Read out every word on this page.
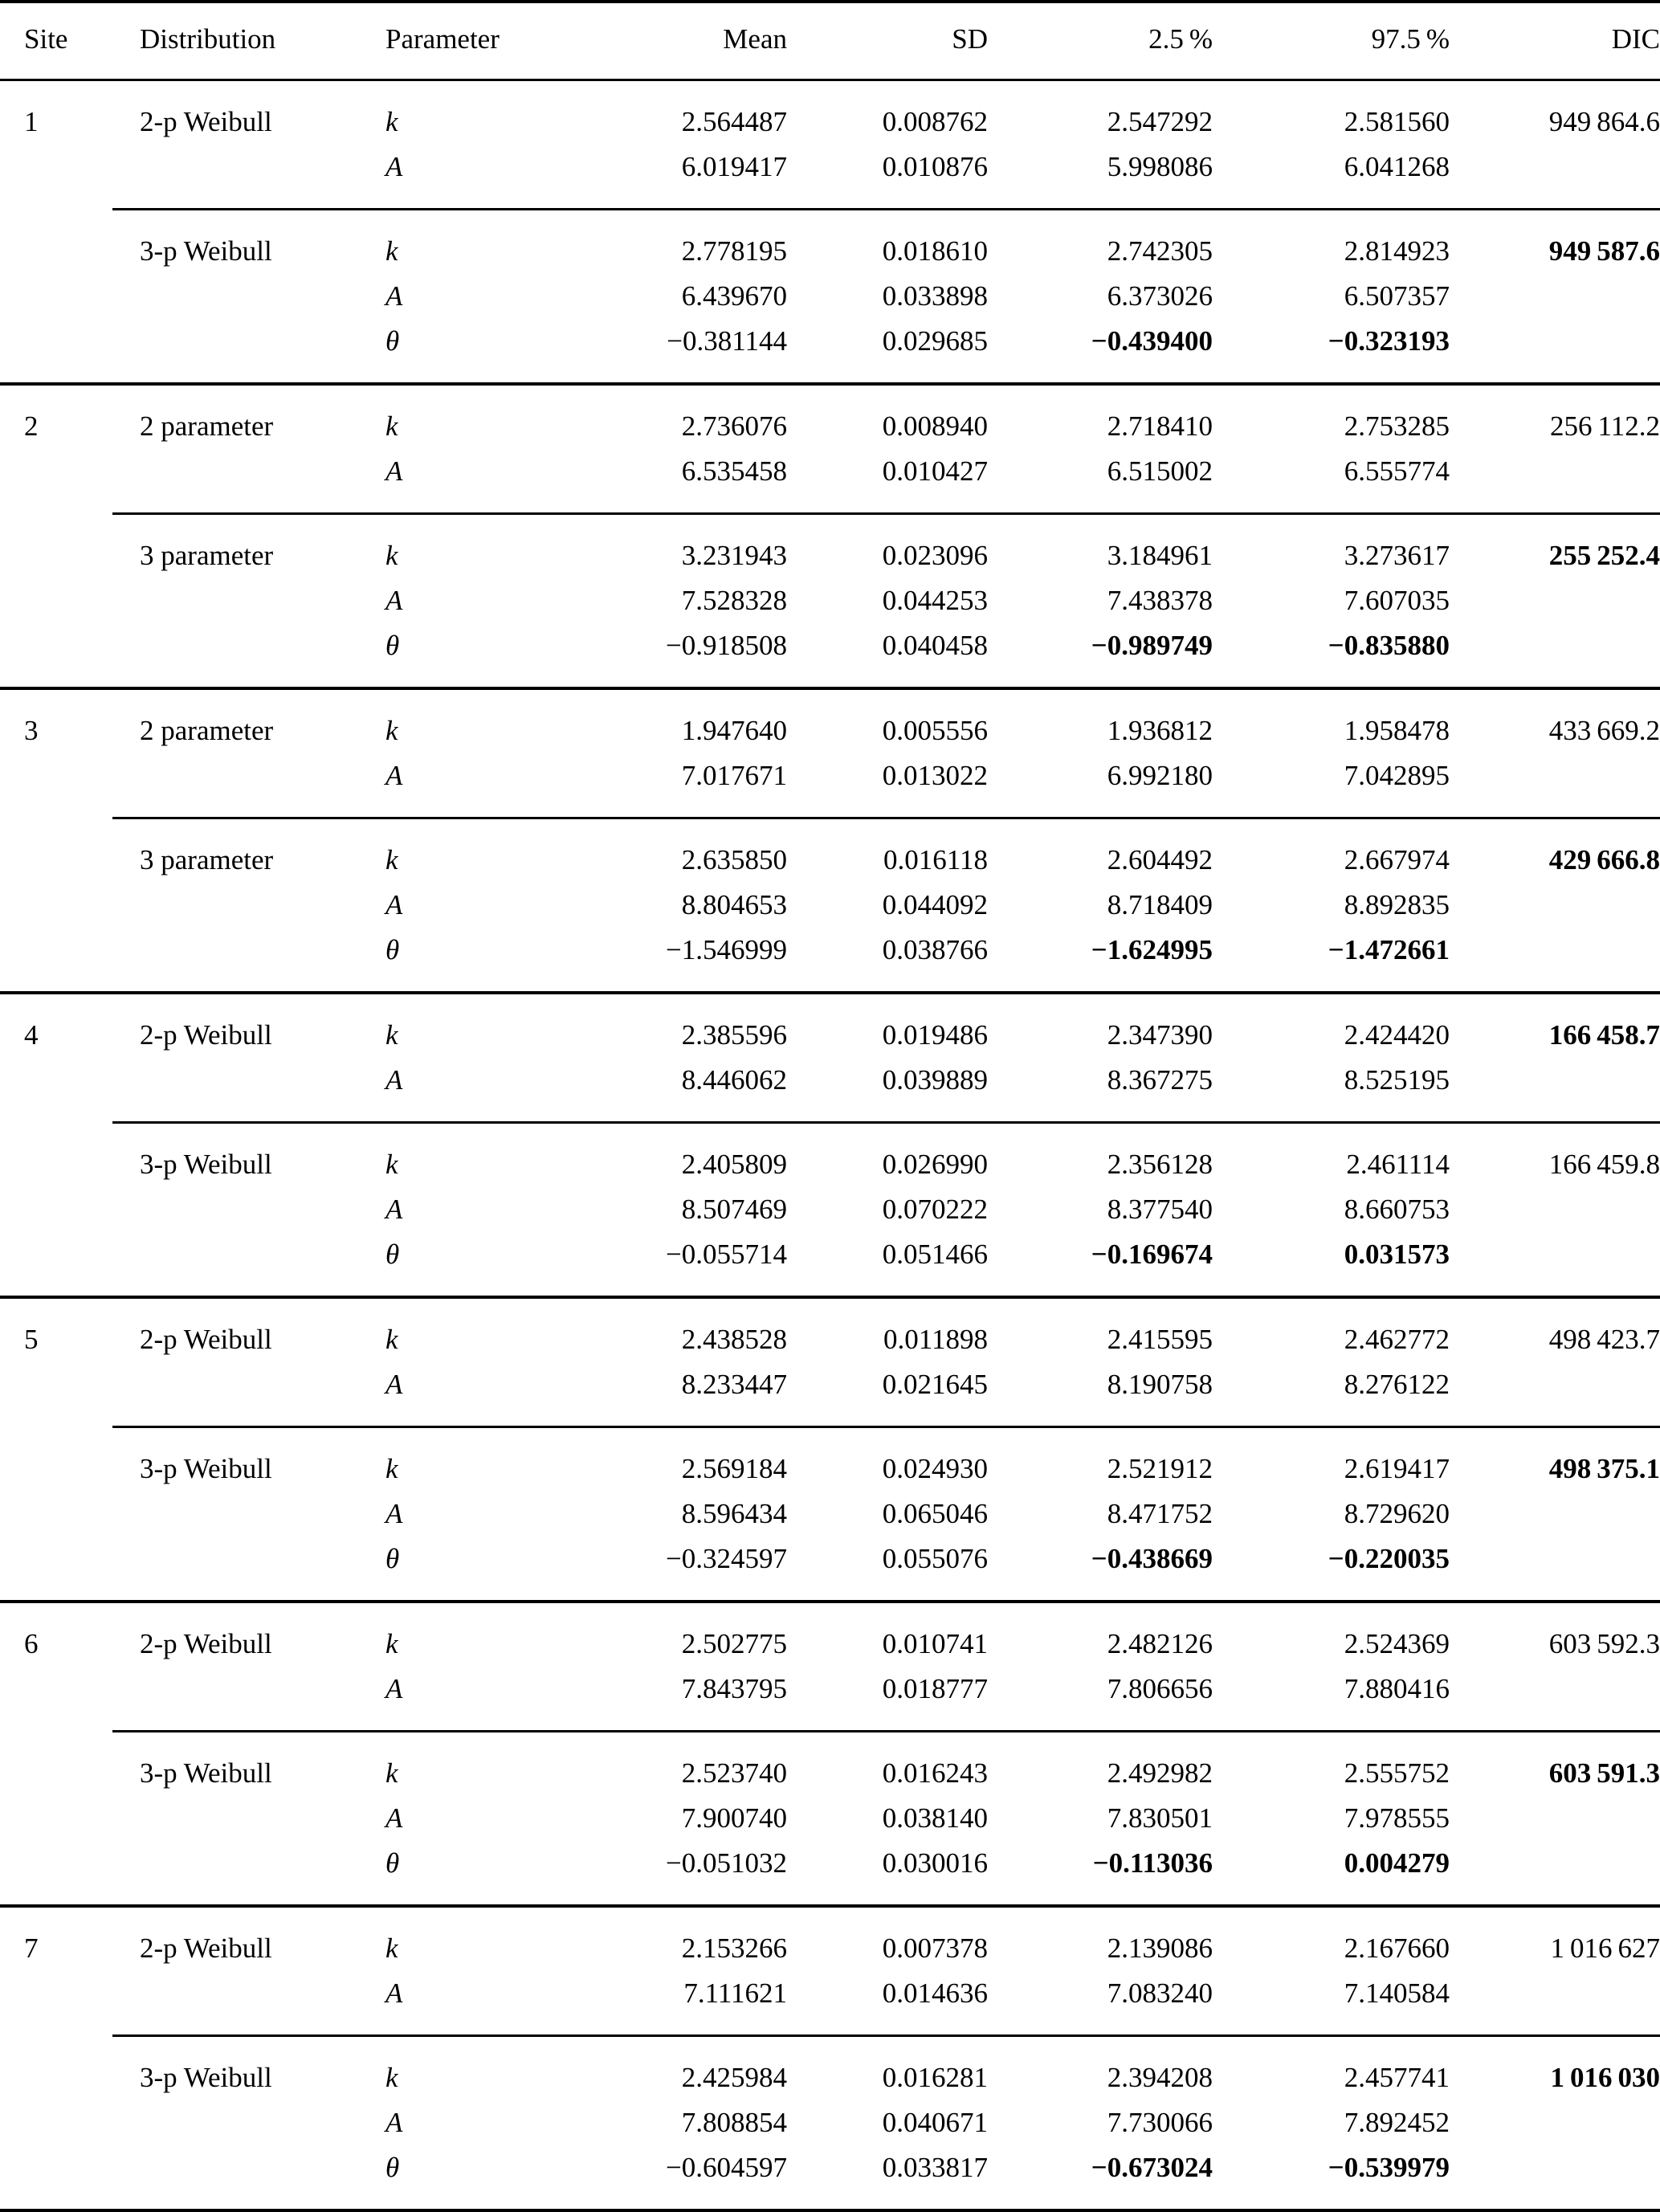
Site	Distribution	Parameter	Mean	SD	2.5 %	97.5 %	DIC
1	2-p Weibull	k	2.564487	0.008762	2.547292	2.581560	949 864.6
		A	6.019417	0.010876	5.998086	6.041268	

	3-p Weibull	k	2.778195	0.018610	2.742305	2.814923	949 587.6
		A	6.439670	0.033898	6.373026	6.507357	
		θ	−0.381144	0.029685	−0.439400	−0.323193	

2	2 parameter	k	2.736076	0.008940	2.718410	2.753285	256 112.2
		A	6.535458	0.010427	6.515002	6.555774	

	3 parameter	k	3.231943	0.023096	3.184961	3.273617	255 252.4
		A	7.528328	0.044253	7.438378	7.607035	
		θ	−0.918508	0.040458	−0.989749	−0.835880	

3	2 parameter	k	1.947640	0.005556	1.936812	1.958478	433 669.2
		A	7.017671	0.013022	6.992180	7.042895	

	3 parameter	k	2.635850	0.016118	2.604492	2.667974	429 666.8
		A	8.804653	0.044092	8.718409	8.892835	
		θ	−1.546999	0.038766	−1.624995	−1.472661	

4	2-p Weibull	k	2.385596	0.019486	2.347390	2.424420	166 458.7
		A	8.446062	0.039889	8.367275	8.525195	

	3-p Weibull	k	2.405809	0.026990	2.356128	2.461114	166 459.8
		A	8.507469	0.070222	8.377540	8.660753	
		θ	−0.055714	0.051466	−0.169674	0.031573	

5	2-p Weibull	k	2.438528	0.011898	2.415595	2.462772	498 423.7
		A	8.233447	0.021645	8.190758	8.276122	

	3-p Weibull	k	2.569184	0.024930	2.521912	2.619417	498 375.1
		A	8.596434	0.065046	8.471752	8.729620	
		θ	−0.324597	0.055076	−0.438669	−0.220035	

6	2-p Weibull	k	2.502775	0.010741	2.482126	2.524369	603 592.3
		A	7.843795	0.018777	7.806656	7.880416	

	3-p Weibull	k	2.523740	0.016243	2.492982	2.555752	603 591.3
		A	7.900740	0.038140	7.830501	7.978555	
		θ	−0.051032	0.030016	−0.113036	0.004279	

7	2-p Weibull	k	2.153266	0.007378	2.139086	2.167660	1 016 627
		A	7.111621	0.014636	7.083240	7.140584	

	3-p Weibull	k	2.425984	0.016281	2.394208	2.457741	1 016 030
		A	7.808854	0.040671	7.730066	7.892452	
		θ	−0.604597	0.033817	−0.673024	−0.539979	
